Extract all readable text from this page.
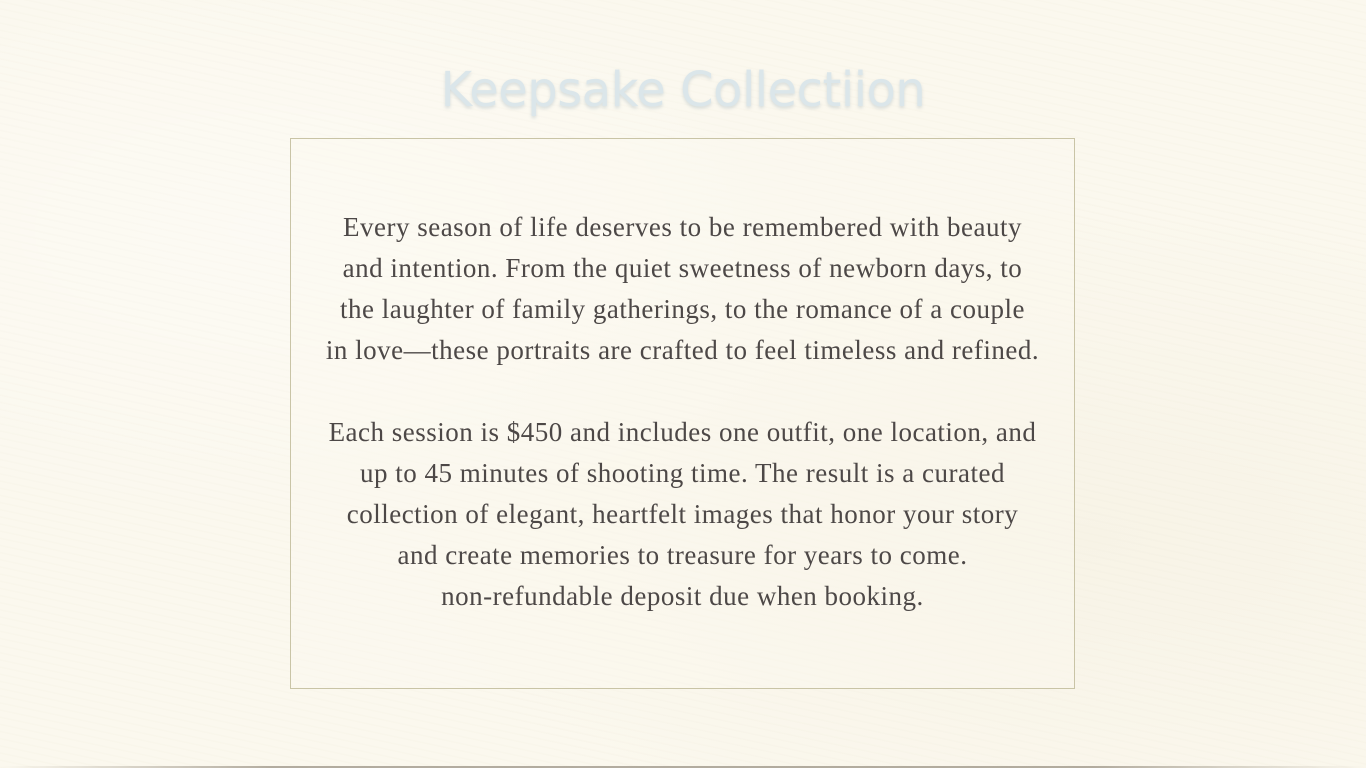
Keepsake Collectiion

Every season of life deserves to be remembered with beauty

and intention. From the quiet sweetness of newborn days, to

the laughter of family gatherings, to the romance of a couple

in love—these portraits are crafted to feel timeless and refined.

Each session is $450 and includes one outfit, one location, and

up to 45 minutes of shooting time. The result is a curated

collection of elegant, heartfelt images that honor your story

and create memories to treasure for years to come.

non-refundable deposit due when booking.
